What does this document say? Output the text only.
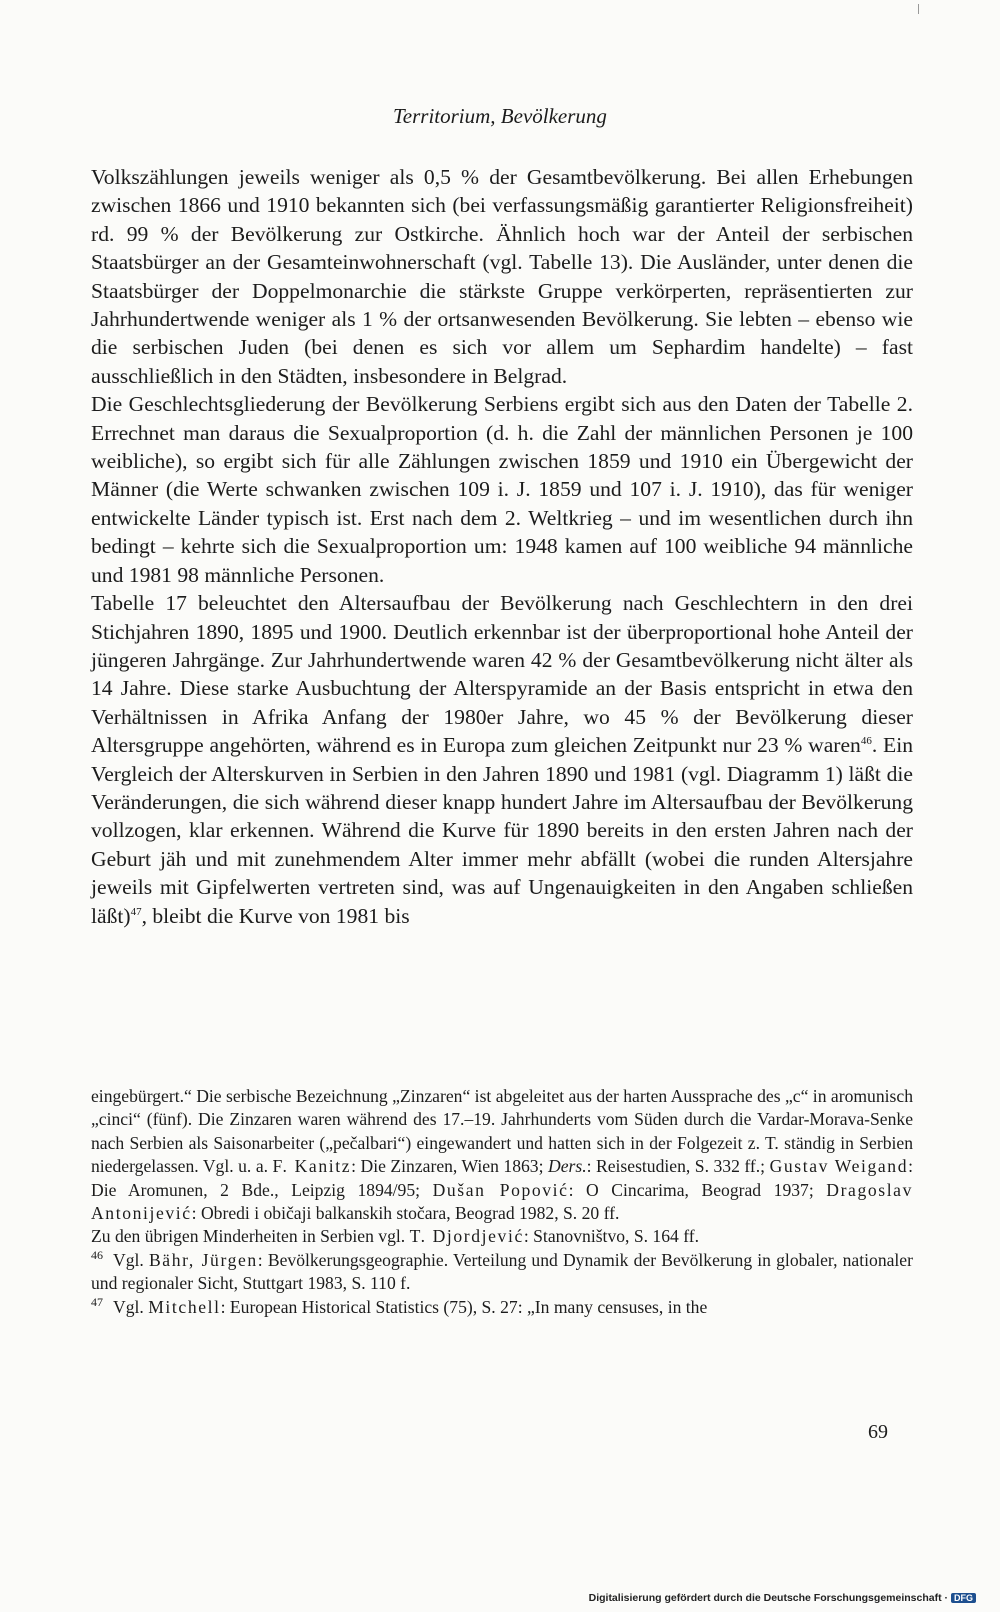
Territorium, Bevölkerung

Volkszählungen jeweils weniger als 0,5 % der Gesamtbevölkerung. Bei allen Erhebungen zwischen 1866 und 1910 bekannten sich (bei verfassungsmäßig garantierter Religionsfreiheit) rd. 99 % der Bevölkerung zur Ostkirche. Ähnlich hoch war der Anteil der serbischen Staatsbürger an der Gesamteinwohnerschaft (vgl. Tabelle 13). Die Ausländer, unter denen die Staatsbürger der Doppelmonarchie die stärkste Gruppe verkörperten, repräsentierten zur Jahrhundertwende weniger als 1 % der ortsanwesenden Bevölkerung. Sie lebten – ebenso wie die serbischen Juden (bei denen es sich vor allem um Sephardim handelte) – fast ausschließlich in den Städten, insbesondere in Belgrad.

Die Geschlechtsgliederung der Bevölkerung Serbiens ergibt sich aus den Daten der Tabelle 2. Errechnet man daraus die Sexualproportion (d. h. die Zahl der männlichen Personen je 100 weibliche), so ergibt sich für alle Zählungen zwischen 1859 und 1910 ein Übergewicht der Männer (die Werte schwanken zwischen 109 i. J. 1859 und 107 i. J. 1910), das für weniger entwickelte Länder typisch ist. Erst nach dem 2. Weltkrieg – und im wesentlichen durch ihn bedingt – kehrte sich die Sexualproportion um: 1948 kamen auf 100 weibliche 94 männliche und 1981 98 männliche Personen.

Tabelle 17 beleuchtet den Altersaufbau der Bevölkerung nach Geschlechtern in den drei Stichjahren 1890, 1895 und 1900. Deutlich erkennbar ist der überproportional hohe Anteil der jüngeren Jahrgänge. Zur Jahrhundertwende waren 42 % der Gesamtbevölkerung nicht älter als 14 Jahre. Diese starke Ausbuchtung der Alterspyramide an der Basis entspricht in etwa den Verhältnissen in Afrika Anfang der 1980er Jahre, wo 45 % der Bevölkerung dieser Altersgruppe angehörten, während es in Europa zum gleichen Zeitpunkt nur 23 % waren$^{46}$. Ein Vergleich der Alterskurven in Serbien in den Jahren 1890 und 1981 (vgl. Diagramm 1) läßt die Veränderungen, die sich während dieser knapp hundert Jahre im Altersaufbau der Bevölkerung vollzogen, klar erkennen. Während die Kurve für 1890 bereits in den ersten Jahren nach der Geburt jäh und mit zunehmendem Alter immer mehr abfällt (wobei die runden Altersjahre jeweils mit Gipfelwerten vertreten sind, was auf Ungenauigkeiten in den Angaben schließen läßt)$^{47}$, bleibt die Kurve von 1981 bis

eingebürgert.“ Die serbische Bezeichnung „Zinzaren“ ist abgeleitet aus der harten Aussprache des „c“ in aromunisch „cinci“ (fünf). Die Zinzaren waren während des 17.–19. Jahrhunderts vom Süden durch die Vardar-Morava-Senke nach Serbien als Saisonarbeiter („pečalbari“) eingewandert und hatten sich in der Folgezeit z. T. ständig in Serbien niedergelassen. Vgl. u. a. F. Kanitz: Die Zinzaren, Wien 1863; Ders.: Reisestudien, S. 332 ff.; Gustav Weigand: Die Aromunen, 2 Bde., Leipzig 1894/95; Dušan Popović: O Cincarima, Beograd 1937; Dragoslav Antonijević: Obredi i običaji balkanskih stočara, Beograd 1982, S. 20 ff.

Zu den übrigen Minderheiten in Serbien vgl. T. Djordjević: Stanovništvo, S. 164 ff.

$^{46}$ Vgl. Bähr, Jürgen: Bevölkerungsgeographie. Verteilung und Dynamik der Bevölkerung in globaler, nationaler und regionaler Sicht, Stuttgart 1983, S. 110 f.

$^{47}$ Vgl. Mitchell: European Historical Statistics (75), S. 27: „In many censuses, in the

69
Digitalisierung gefördert durch die Deutsche Forschungsgemeinschaft · DFG
